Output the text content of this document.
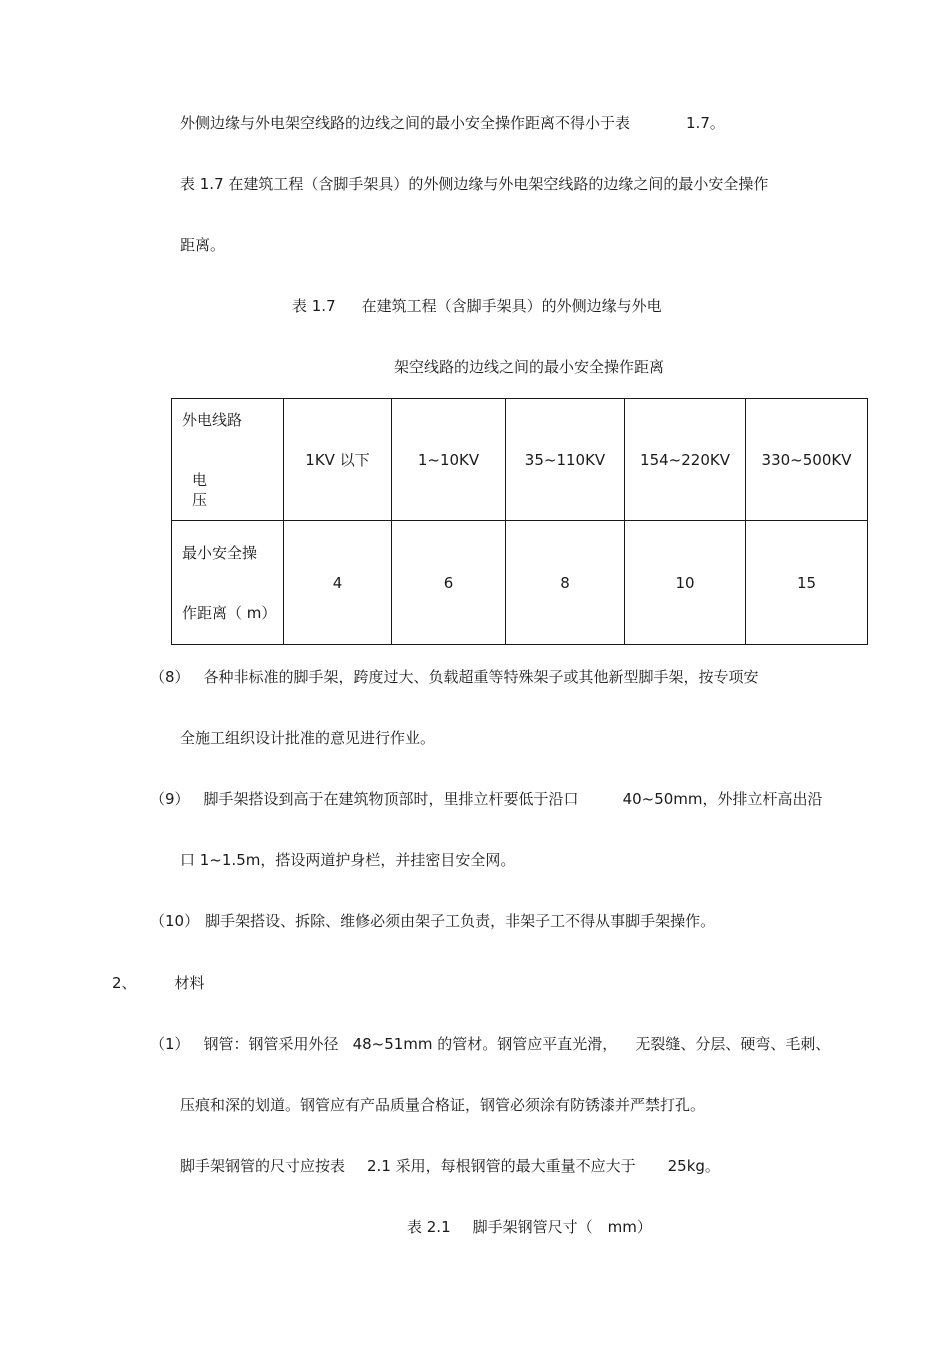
外侧边缘与外电架空线路的边线之间的最小安全操作距离不得小于表	1.7。
表 1.7 在建筑工程（含脚手架具）的外侧边缘与外电架空线路的边缘之间的最小安全操作
距离。
表 1.7 在建筑工程（含脚手架具）的外侧边缘与外电
架空线路的边线之间的最小安全操作距离
外电线路
电　压	1KV 以下	1~10KV	35~110KV	154~220KV	330~500KV

最小安全操
作距离（ m）	4	6	8	10	15
（8） 各种非标准的脚手架，跨度过大、负载超重等特殊架子或其他新型脚手架，按专项安
全施工组织设计批准的意见进行作业。
（9） 脚手架搭设到高于在建筑物顶部时，里排立杆要低于沿口	40~50mm，外排立杆高出沿
口 1~1.5m，搭设两道护身栏，并挂密目安全网。
（10） 脚手架搭设、拆除、维修必须由架子工负责，非架子工不得从事脚手架操作。
2、	材料
（1） 钢管：钢管采用外径 48~51mm 的管材。钢管应平直光滑， 无裂缝、分层、硬弯、毛刺、
压痕和深的划道。钢管应有产品质量合格证，钢管必须涂有防锈漆并严禁打孔。
脚手架钢管的尺寸应按表 2.1 采用，每根钢管的最大重量不应大于 25kg。
表 2.1 脚手架钢管尺寸（　mm）
